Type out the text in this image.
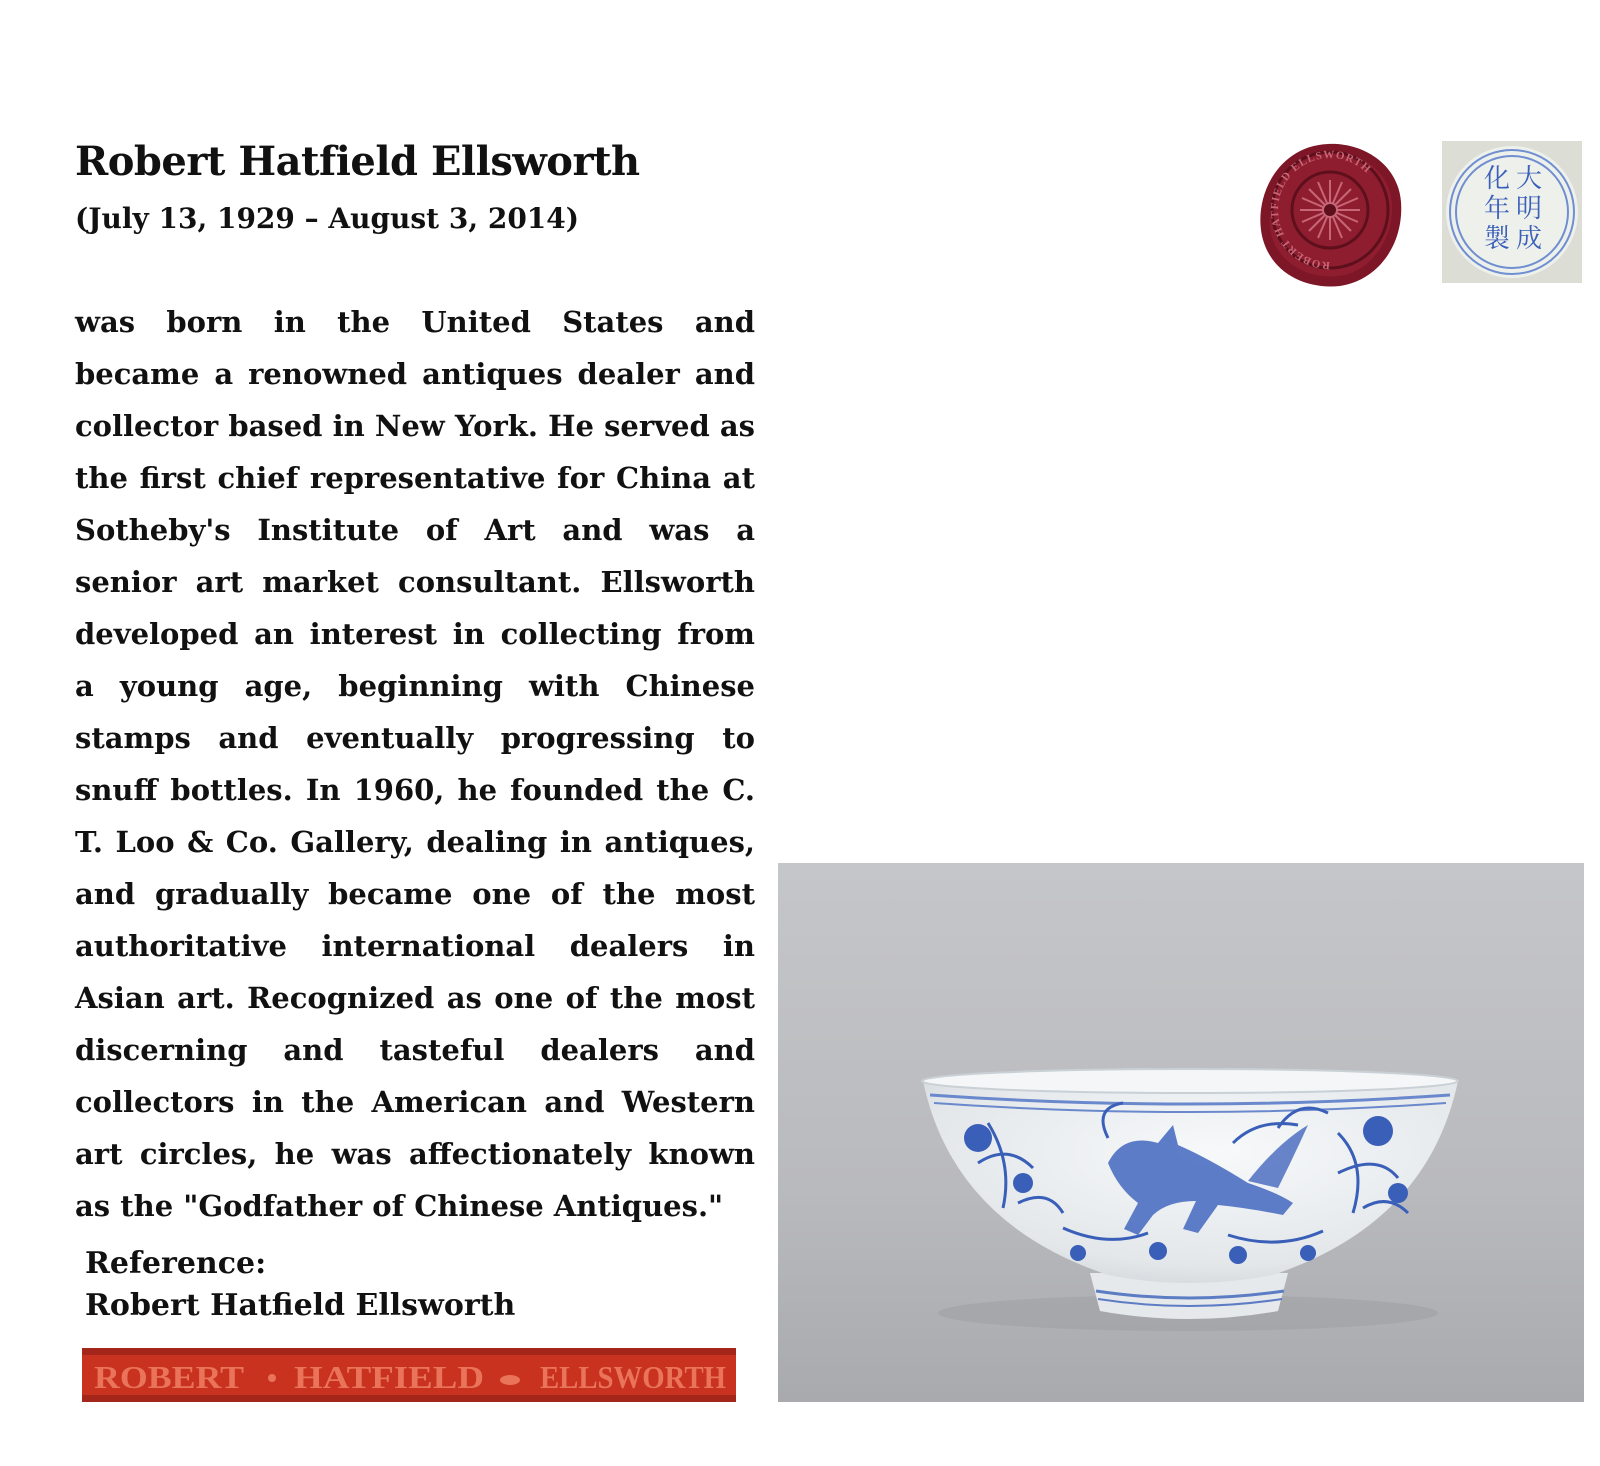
Robert Hatfield Ellsworth

(July 13, 1929 – August 3, 2014)

was born in the United States and became a renowned antiques dealer and collector based in New York. He served as the first chief representative for China at Sotheby's Institute of Art and was a senior art market consultant. Ellsworth developed an interest in collecting from a young age, beginning with Chinese stamps and eventually progressing to snuff bottles. In 1960, he founded the C. T. Loo & Co. Gallery, dealing in antiques, and gradually became one of the most authoritative international dealers in Asian art. Recognized as one of the most discerning and tasteful dealers and collectors in the American and Western art circles, he was affectionately known as the "Godfather of Chinese Antiques."

Reference:
Robert Hatfield Ellsworth
ROBERT HATFIELD ELLSWORTH
ROBERT HATFIELD ELLSWORTH	大
明
成
化
年
製
